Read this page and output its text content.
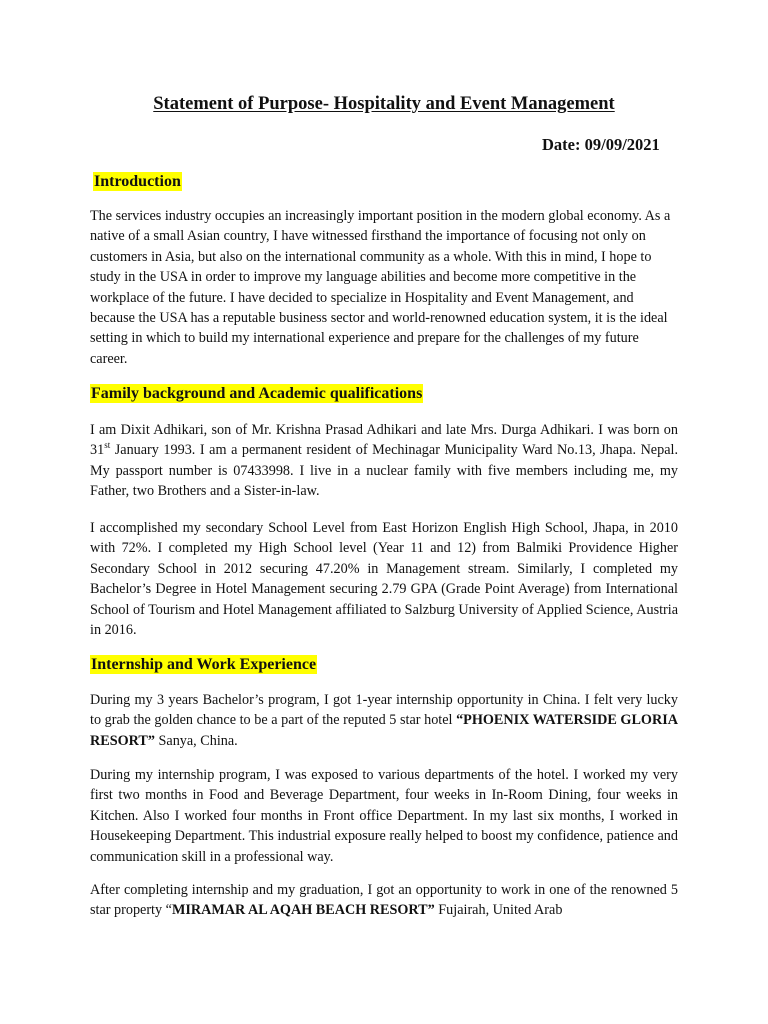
Statement of Purpose- Hospitality and Event Management

Date: 09/09/2021

Introduction

The services industry occupies an increasingly important position in the modern global economy. As a native of a small Asian country, I have witnessed firsthand the importance of focusing not only on customers in Asia, but also on the international community as a whole. With this in mind, I hope to study in the USA in order to improve my language abilities and become more competitive in the workplace of the future. I have decided to specialize in Hospitality and Event Management, and because the USA has a reputable business sector and world-renowned education system, it is the ideal setting in which to build my international experience and prepare for the challenges of my future career.

Family background and Academic qualifications

I am Dixit Adhikari, son of Mr. Krishna Prasad Adhikari and late Mrs. Durga Adhikari. I was born on 31st January 1993. I am a permanent resident of Mechinagar Municipality Ward No.13, Jhapa. Nepal. My passport number is 07433998. I live in a nuclear family with five members including me, my Father, two Brothers and a Sister-in-law.

I accomplished my secondary School Level from East Horizon English High School, Jhapa, in 2010 with 72%. I completed my High School level (Year 11 and 12) from Balmiki Providence Higher Secondary School in 2012 securing 47.20% in Management stream. Similarly, I completed my Bachelor’s Degree in Hotel Management securing 2.79 GPA (Grade Point Average) from International School of Tourism and Hotel Management affiliated to Salzburg University of Applied Science, Austria in 2016.

Internship and Work Experience

During my 3 years Bachelor’s program, I got 1-year internship opportunity in China. I felt very lucky to grab the golden chance to be a part of the reputed 5 star hotel “PHOENIX WATERSIDE GLORIA RESORT” Sanya, China.

During my internship program, I was exposed to various departments of the hotel. I worked my very first two months in Food and Beverage Department, four weeks in In-Room Dining, four weeks in Kitchen. Also I worked four months in Front office Department. In my last six months, I worked in Housekeeping Department. This industrial exposure really helped to boost my confidence, patience and communication skill in a professional way.

After completing internship and my graduation, I got an opportunity to work in one of the renowned 5 star property “MIRAMAR AL AQAH BEACH RESORT” Fujairah, United Arab
